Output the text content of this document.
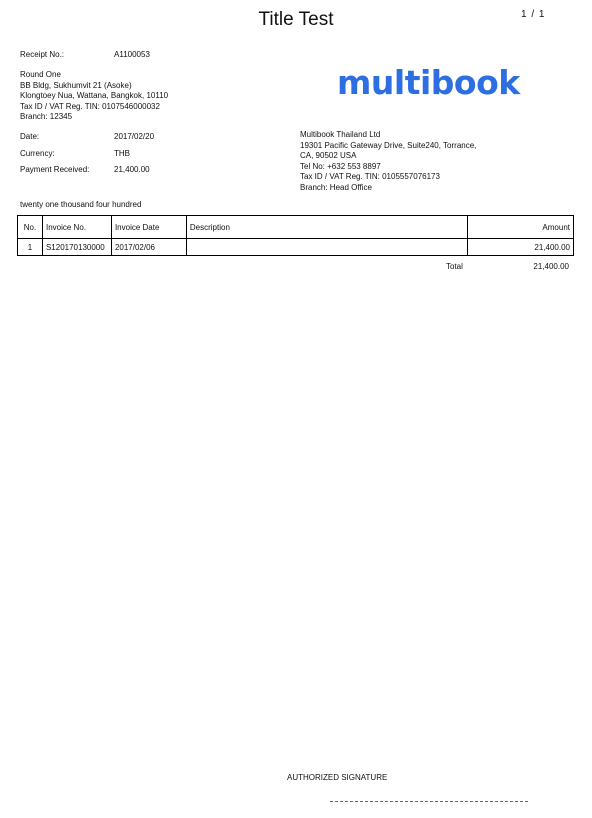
Title Test	1 / 1
Receipt No.:	A1100053
Round One
BB Bldg, Sukhumvit 21 (Asoke)
Klongtoey Nua, Wattana, Bangkok, 10110
Tax ID / VAT Reg. TIN: 0107546000032
Branch: 12345
multibook
Date:	2017/02/20
Currency:	THB
Payment Received:	21,400.00
Multibook Thailand Ltd
19301 Pacific Gateway Drive, Suite240, Torrance,
CA, 90502 USA
Tel No: +632 553 8897
Tax ID / VAT Reg. TIN: 0105557076173
Branch: Head Office
twenty one thousand four hundred
No.	Invoice No.	Invoice Date	Description	Amount
1	S120170130000	2017/02/06		21,400.00
Total	21,400.00
AUTHORIZED SIGNATURE
